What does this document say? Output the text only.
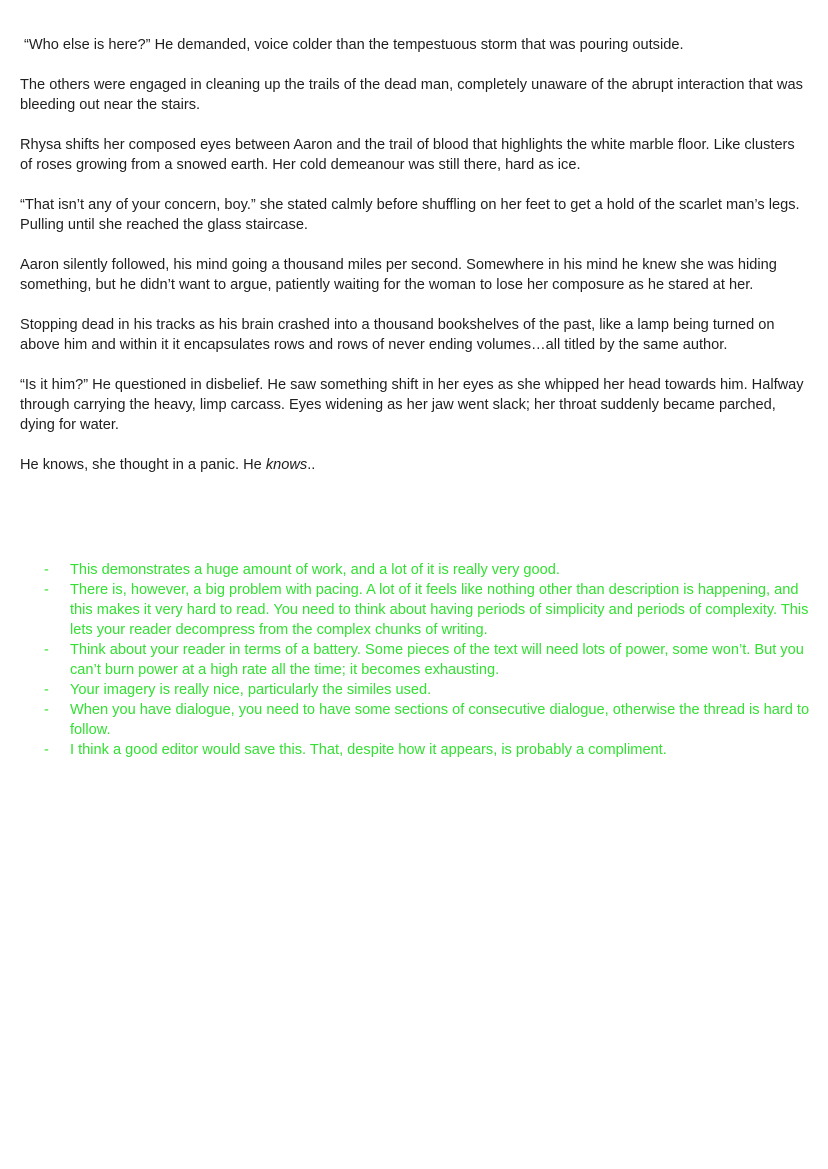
“Who else is here?” He demanded, voice colder than the tempestuous storm that was pouring outside.

The others were engaged in cleaning up the trails of the dead man, completely unaware of the abrupt interaction that was bleeding out near the stairs.

Rhysa shifts her composed eyes between Aaron and the trail of blood that highlights the white marble floor. Like clusters of roses growing from a snowed earth. Her cold demeanour was still there, hard as ice.

“That isn’t any of your concern, boy.” she stated calmly before shuffling on her feet to get a hold of the scarlet man’s legs. Pulling until she reached the glass staircase.

Aaron silently followed, his mind going a thousand miles per second. Somewhere in his mind he knew she was hiding something, but he didn’t want to argue, patiently waiting for the woman to lose her composure as he stared at her.

Stopping dead in his tracks as his brain crashed into a thousand bookshelves of the past, like a lamp being turned on above him and within it it encapsulates rows and rows of never ending volumes…all titled by the same author.

“Is it him?” He questioned in disbelief. He saw something shift in her eyes as she whipped her head towards him. Halfway through carrying the heavy, limp carcass. Eyes widening as her jaw went slack; her throat suddenly became parched, dying for water.

He knows, she thought in a panic. He knows..

- This demonstrates a huge amount of work, and a lot of it is really very good.
- There is, however, a big problem with pacing. A lot of it feels like nothing other than description is happening, and this makes it very hard to read. You need to think about having periods of simplicity and periods of complexity. This lets your reader decompress from the complex chunks of writing.
- Think about your reader in terms of a battery. Some pieces of the text will need lots of power, some won’t. But you can’t burn power at a high rate all the time; it becomes exhausting.
- Your imagery is really nice, particularly the similes used.
- When you have dialogue, you need to have some sections of consecutive dialogue, otherwise the thread is hard to follow.
- I think a good editor would save this. That, despite how it appears, is probably a compliment.
